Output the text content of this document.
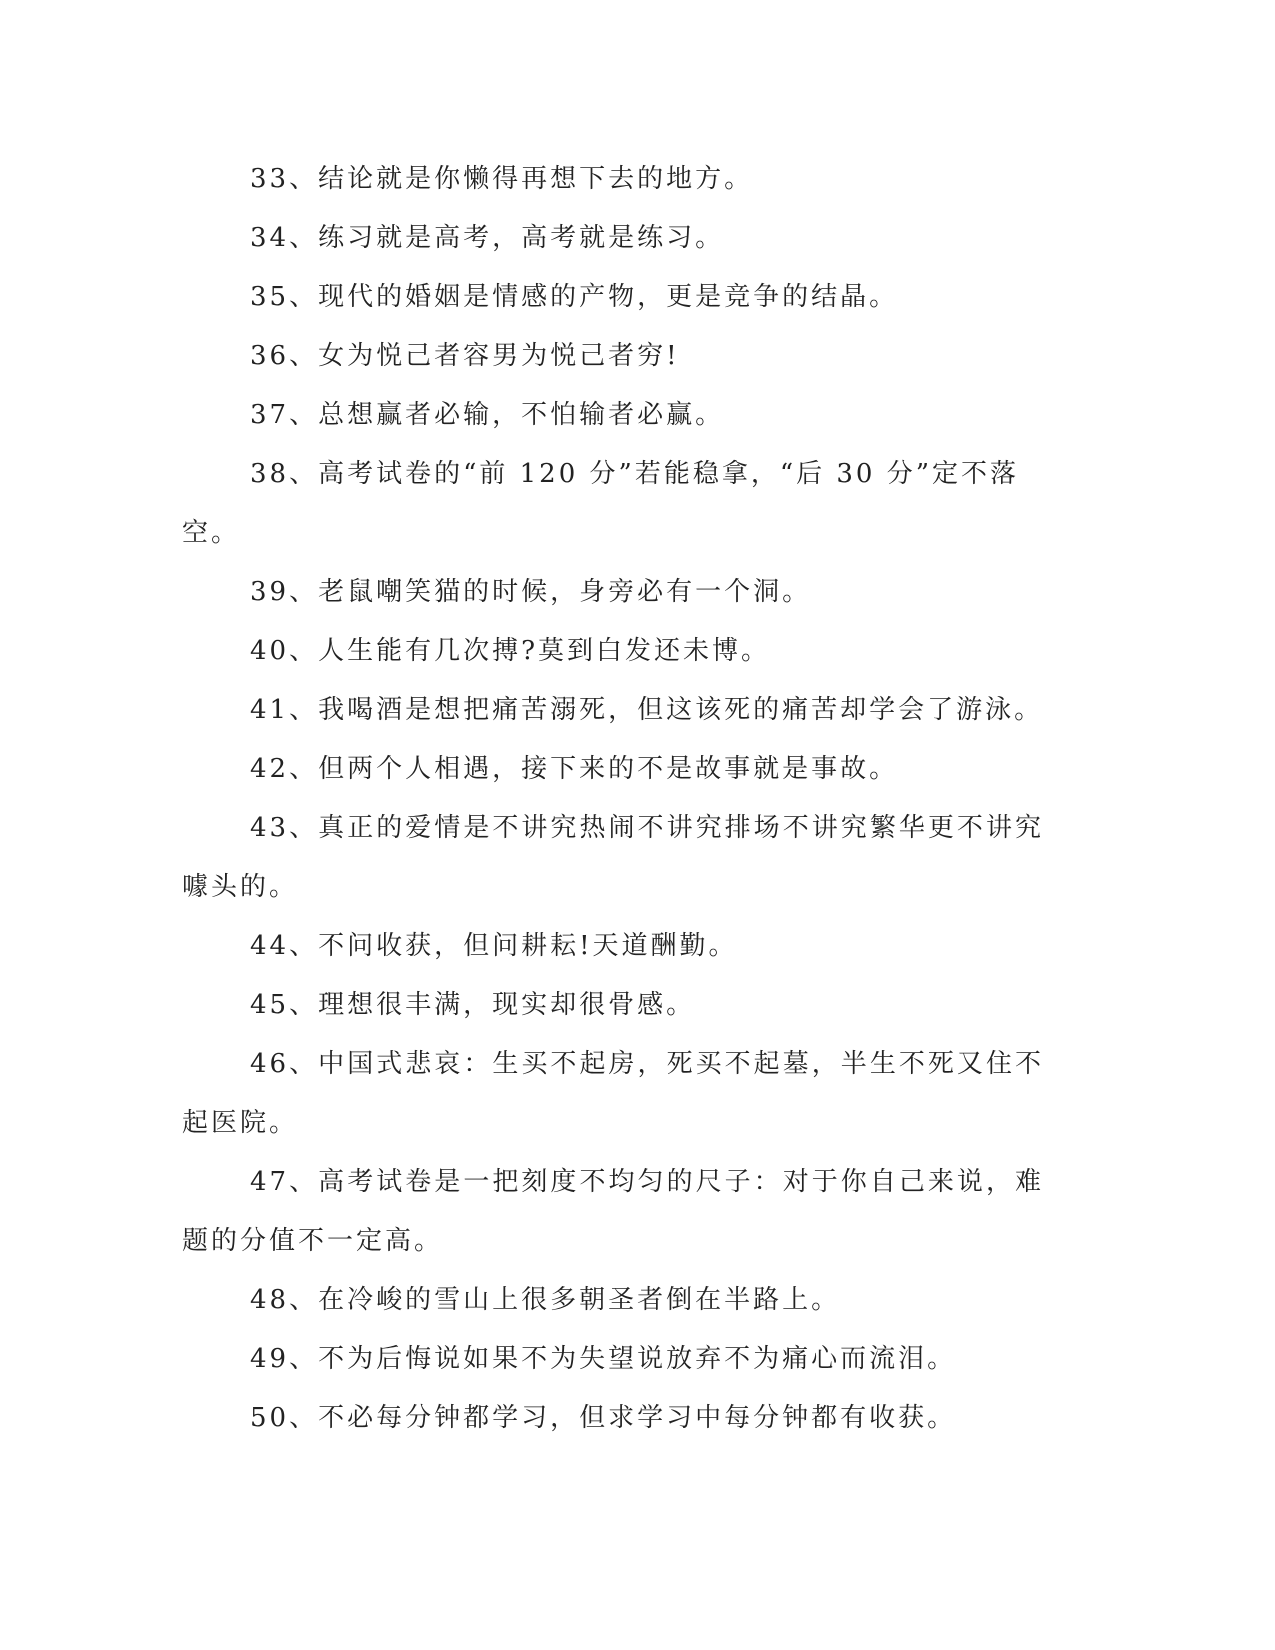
33、结论就是你懒得再想下去的地方。

34、练习就是高考，高考就是练习。

35、现代的婚姻是情感的产物，更是竞争的结晶。

36、女为悦己者容男为悦己者穷!

37、总想赢者必输，不怕输者必赢。

38、高考试卷的“前 120 分”若能稳拿，“后 30 分”定不落空。

39、老鼠嘲笑猫的时候，身旁必有一个洞。

40、人生能有几次搏?莫到白发还未博。

41、我喝酒是想把痛苦溺死，但这该死的痛苦却学会了游泳。

42、但两个人相遇，接下来的不是故事就是事故。

43、真正的爱情是不讲究热闹不讲究排场不讲究繁华更不讲究噱头的。

44、不问收获，但问耕耘!天道酬勤。

45、理想很丰满，现实却很骨感。

46、中国式悲哀：生买不起房，死买不起墓，半生不死又住不起医院。

47、高考试卷是一把刻度不均匀的尺子：对于你自己来说，难题的分值不一定高。

48、在冷峻的雪山上很多朝圣者倒在半路上。

49、不为后悔说如果不为失望说放弃不为痛心而流泪。

50、不必每分钟都学习，但求学习中每分钟都有收获。
